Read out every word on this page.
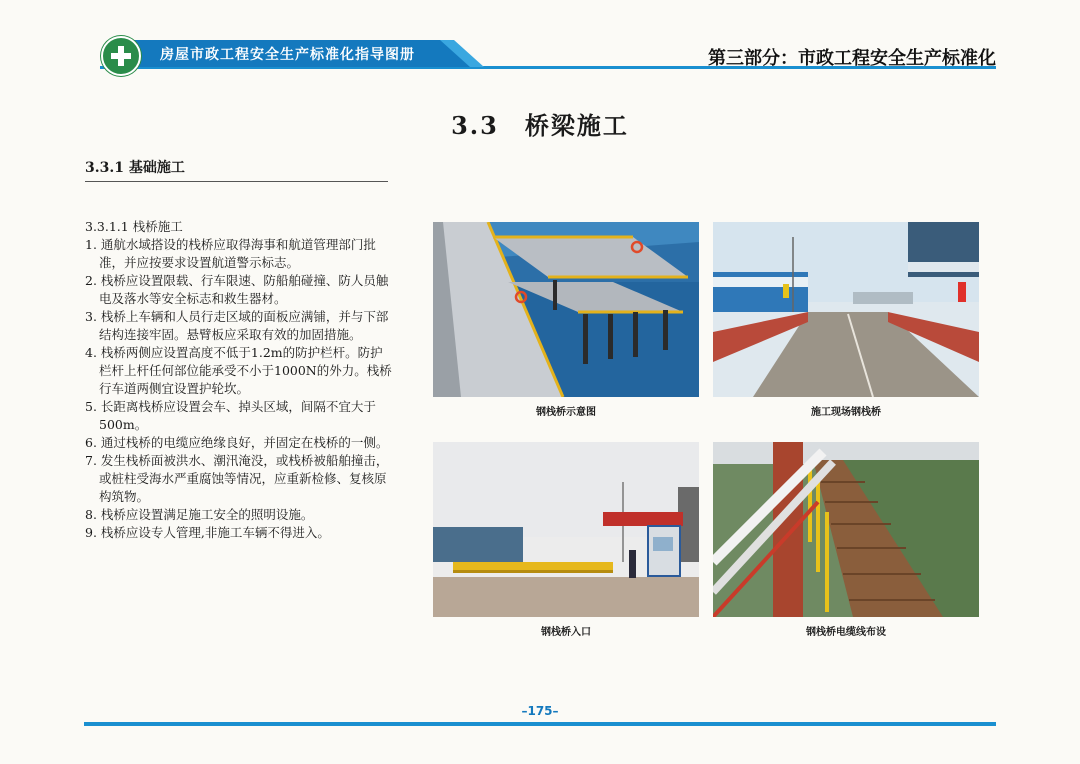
房屋市政工程安全生产标准化指导图册	第三部分：市政工程安全生产标准化
3.3　桥梁施工
3.3.1 基础施工

3.3.1.1 栈桥施工

1. 通航水域搭设的栈桥应取得海事和航道管理部门批准，并应按要求设置航道警示标志。
2. 栈桥应设置限载、行车限速、防船舶碰撞、防人员触电及落水等安全标志和救生器材。
3. 栈桥上车辆和人员行走区域的面板应满铺，并与下部结构连接牢固。悬臂板应采取有效的加固措施。
4. 栈桥两侧应设置高度不低于1.2m的防护栏杆。防护栏杆上杆任何部位能承受不小于1000N的外力。栈桥行车道两侧宜设置护轮坎。
5. 长距离栈桥应设置会车、掉头区域，间隔不宜大于500m。
6. 通过栈桥的电缆应绝缘良好，并固定在栈桥的一侧。
7. 发生栈桥面被洪水、潮汛淹没，或栈桥被船舶撞击，或桩柱受海水严重腐蚀等情况，应重新检修、复核原构筑物。
8. 栈桥应设置满足施工安全的照明设施。
9. 栈桥应设专人管理,非施工车辆不得进入。
钢栈桥示意图	施工现场钢栈桥
钢栈桥入口	钢栈桥电缆线布设
–175–
